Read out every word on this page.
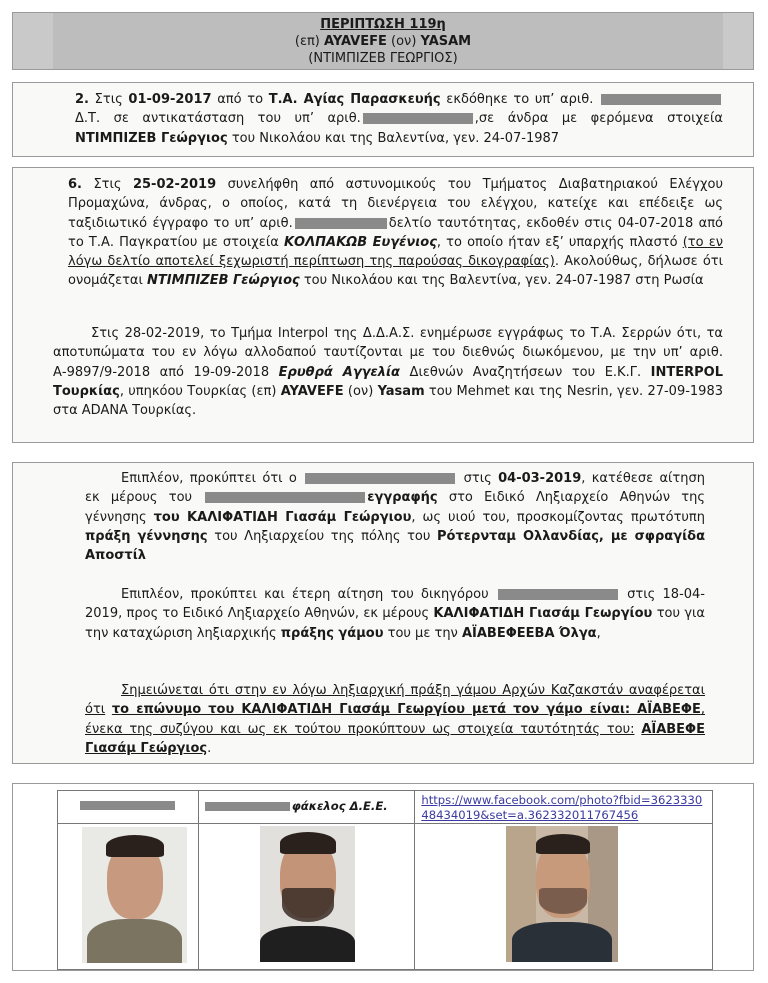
ΠΕΡΙΠΤΩΣΗ 119η
(επ) AYAVEFE (ον) YASAM
(ΝΤΙΜΠΙΖΕΒ ΓΕΩΡΓΙΟΣ)

2. Στις 01-09-2017 από το Τ.Α. Αγίας Παρασκευής εκδόθηκε το υπ’ αριθ. Δ.Τ. σε αντικατάσταση του υπ’ αριθ.	,σε άνδρα με φερόμενα στοιχεία ΝΤΙΜΠΙΖΕΒ Γεώργιος του Νικολάου και της Βαλεντίνα, γεν. 24-07-1987

6. Στις 25-02-2019 συνελήφθη από αστυνομικούς του Τμήματος Διαβατηριακού Ελέγχου Προμαχώνα, άνδρας, ο οποίος, κατά τη διενέργεια του ελέγχου, κατείχε και επέδειξε ως ταξιδιωτικό έγγραφο το υπ’ αριθ.	δελτίο ταυτότητας, εκδοθέν στις 04-07-2018 από το Τ.Α. Παγκρατίου με στοιχεία ΚΟΛΠΑΚΩΒ Ευγένιος, το οποίο ήταν εξ’ υπαρχής πλαστό (το εν λόγω δελτίο αποτελεί ξεχωριστή περίπτωση της παρούσας δικογραφίας). Ακολούθως, δήλωσε ότι ονομάζεται ΝΤΙΜΠΙΖΕΒ Γεώργιος του Νικολάου και της Βαλεντίνα, γεν. 24-07-1987 στη Ρωσία

Στις 28-02-2019, το Τμήμα Interpol της Δ.Δ.Α.Σ. ενημέρωσε εγγράφως το Τ.Α. Σερρών ότι, τα αποτυπώματα του εν λόγω αλλοδαπού ταυτίζονται με του διεθνώς διωκόμενου, με την υπ’ αριθ. Α-9897/9-2018 από 19-09-2018 Ερυθρά Αγγελία Διεθνών Αναζητήσεων του Ε.Κ.Γ. INTERPOL Τουρκίας, υπηκόου Τουρκίας (επ) AYAVEFE (ον) Yasam του Mehmet και της Nesrin, γεν. 27-09-1983 στα ADANA Τουρκίας.

Επιπλέον, προκύπτει ότι ο	στις 04-03-2019, κατέθεσε αίτηση εκ μέρους του	εγγραφής στο Ειδικό Ληξιαρχείο Αθηνών της γέννησης του ΚΑΛΙΦΑΤΙΔΗ Γιασάμ Γεώργιου, ως υιού του, προσκομίζοντας πρωτότυπη πράξη γέννησης του Ληξιαρχείου της πόλης του Ρότερνταμ Ολλανδίας, με σφραγίδα Αποστίλ

Επιπλέον, προκύπτει και έτερη αίτηση του δικηγόρου	στις 18-04-2019, προς το Ειδικό Ληξιαρχείο Αθηνών, εκ μέρους ΚΑΛΙΦΑΤΙΔΗ Γιασάμ Γεωργίου του για την καταχώριση ληξιαρχικής πράξης γάμου του με την ΑΪΑΒΕΦΕΕΒΑ Όλγα,

Σημειώνεται ότι στην εν λόγω ληξιαρχική πράξη γάμου Αρχών Καζακστάν αναφέρεται ότι το επώνυμο του ΚΑΛΙΦΑΤΙΔΗ Γιασάμ Γεωργίου μετά τον γάμο είναι: ΑΪΑΒΕΦΕ, ένεκα της συζύγου και ως εκ τούτου προκύπτουν ως στοιχεία ταυτότητάς του: ΑΪΑΒΕΦΕ Γιασάμ Γεώργιος.

	φάκελος Δ.Ε.Ε.	https://www.facebook.com/photo?fbid=362333048434019&set=a.362332011767456
